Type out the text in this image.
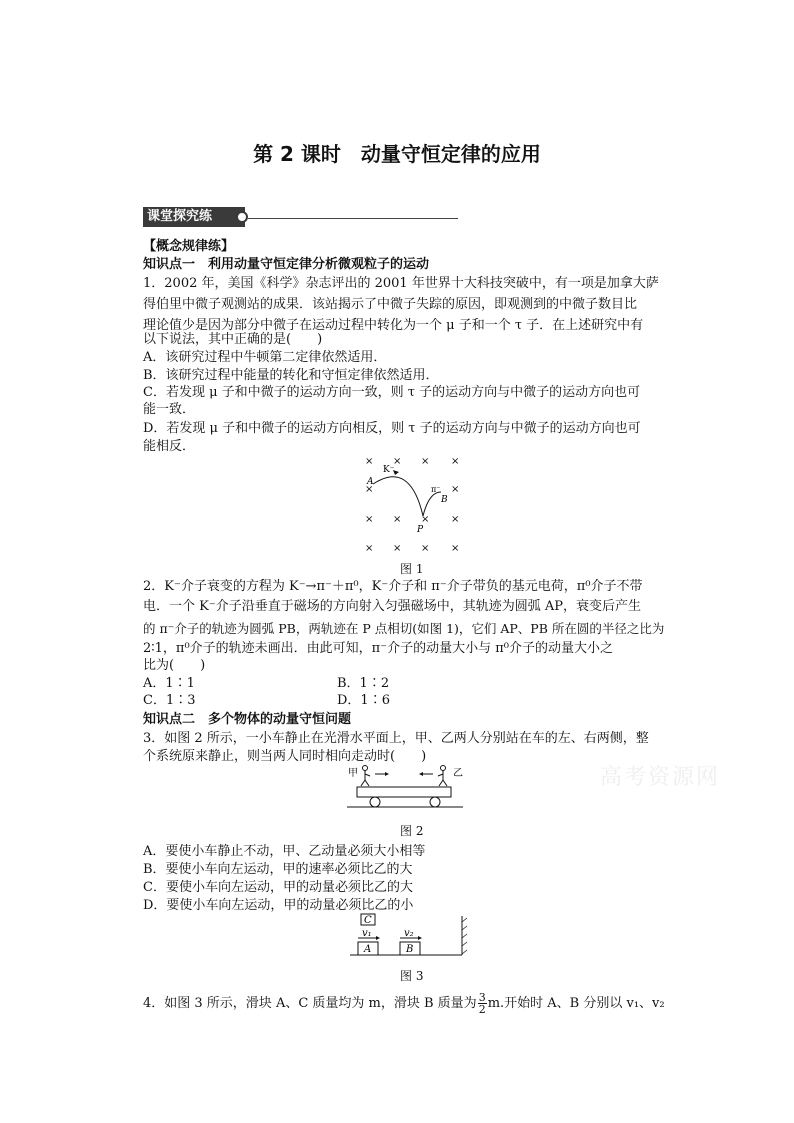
第 2 课时　动量守恒定律的应用
课堂探究练
【概念规律练】
知识点一　利用动量守恒定律分析微观粒子的运动
1．2002 年，美国《科学》杂志评出的 2001 年世界十大科技突破中，有一项是加拿大萨
得伯里中微子观测站的成果．该站揭示了中微子失踪的原因，即观测到的中微子数目比
理论值少是因为部分中微子在运动过程中转化为一个 μ 子和一个 τ 子．在上述研究中有
以下说法，其中正确的是(　　)
A．该研究过程中牛顿第二定律依然适用．
B．该研究过程中能量的转化和守恒定律依然适用．
C．若发现 μ 子和中微子的运动方向一致，则 τ 子的运动方向与中微子的运动方向也可
能一致．
D．若发现 μ 子和中微子的运动方向相反，则 τ 子的运动方向与中微子的运动方向也可
能相反．
× × × ×
×	×
× × × ×
× × × ×
K⁻
A
π⁻
B
P
图 1
2．K⁻介子衰变的方程为 K⁻→π⁻＋π⁰，K⁻介子和 π⁻介子带负的基元电荷，π⁰介子不带
电．一个 K⁻介子沿垂直于磁场的方向射入匀强磁场中，其轨迹为圆弧 AP，衰变后产生
的 π⁻介子的轨迹为圆弧 PB，两轨迹在 P 点相切(如图 1)，它们 AP、PB 所在圆的半径之比为
2∶1，π⁰介子的轨迹未画出．由此可知，π⁻介子的动量大小与 π⁰介子的动量大小之
比为(　　)
A．1∶1	B．1∶2
C．1∶3	D．1∶6
知识点二　多个物体的动量守恒问题
3．如图 2 所示，一小车静止在光滑水平面上，甲、乙两人分别站在车的左、右两侧，整
个系统原来静止，则当两人同时相向走动时(　　)
甲	乙
图 2
A．要使小车静止不动，甲、乙动量必须大小相等
B．要使小车向左运动，甲的速率必须比乙的大
C．要使小车向左运动，甲的动量必须比乙的大
D．要使小车向左运动，甲的动量必须比乙的小
C
v₁	v₂
A	B
图 3
4．如图 3 所示，滑块 A、C 质量均为 m，滑块 B 质量为 $\frac{3}{2} m$.开始时 A、B 分别以 v₁、v₂
高考资源网
